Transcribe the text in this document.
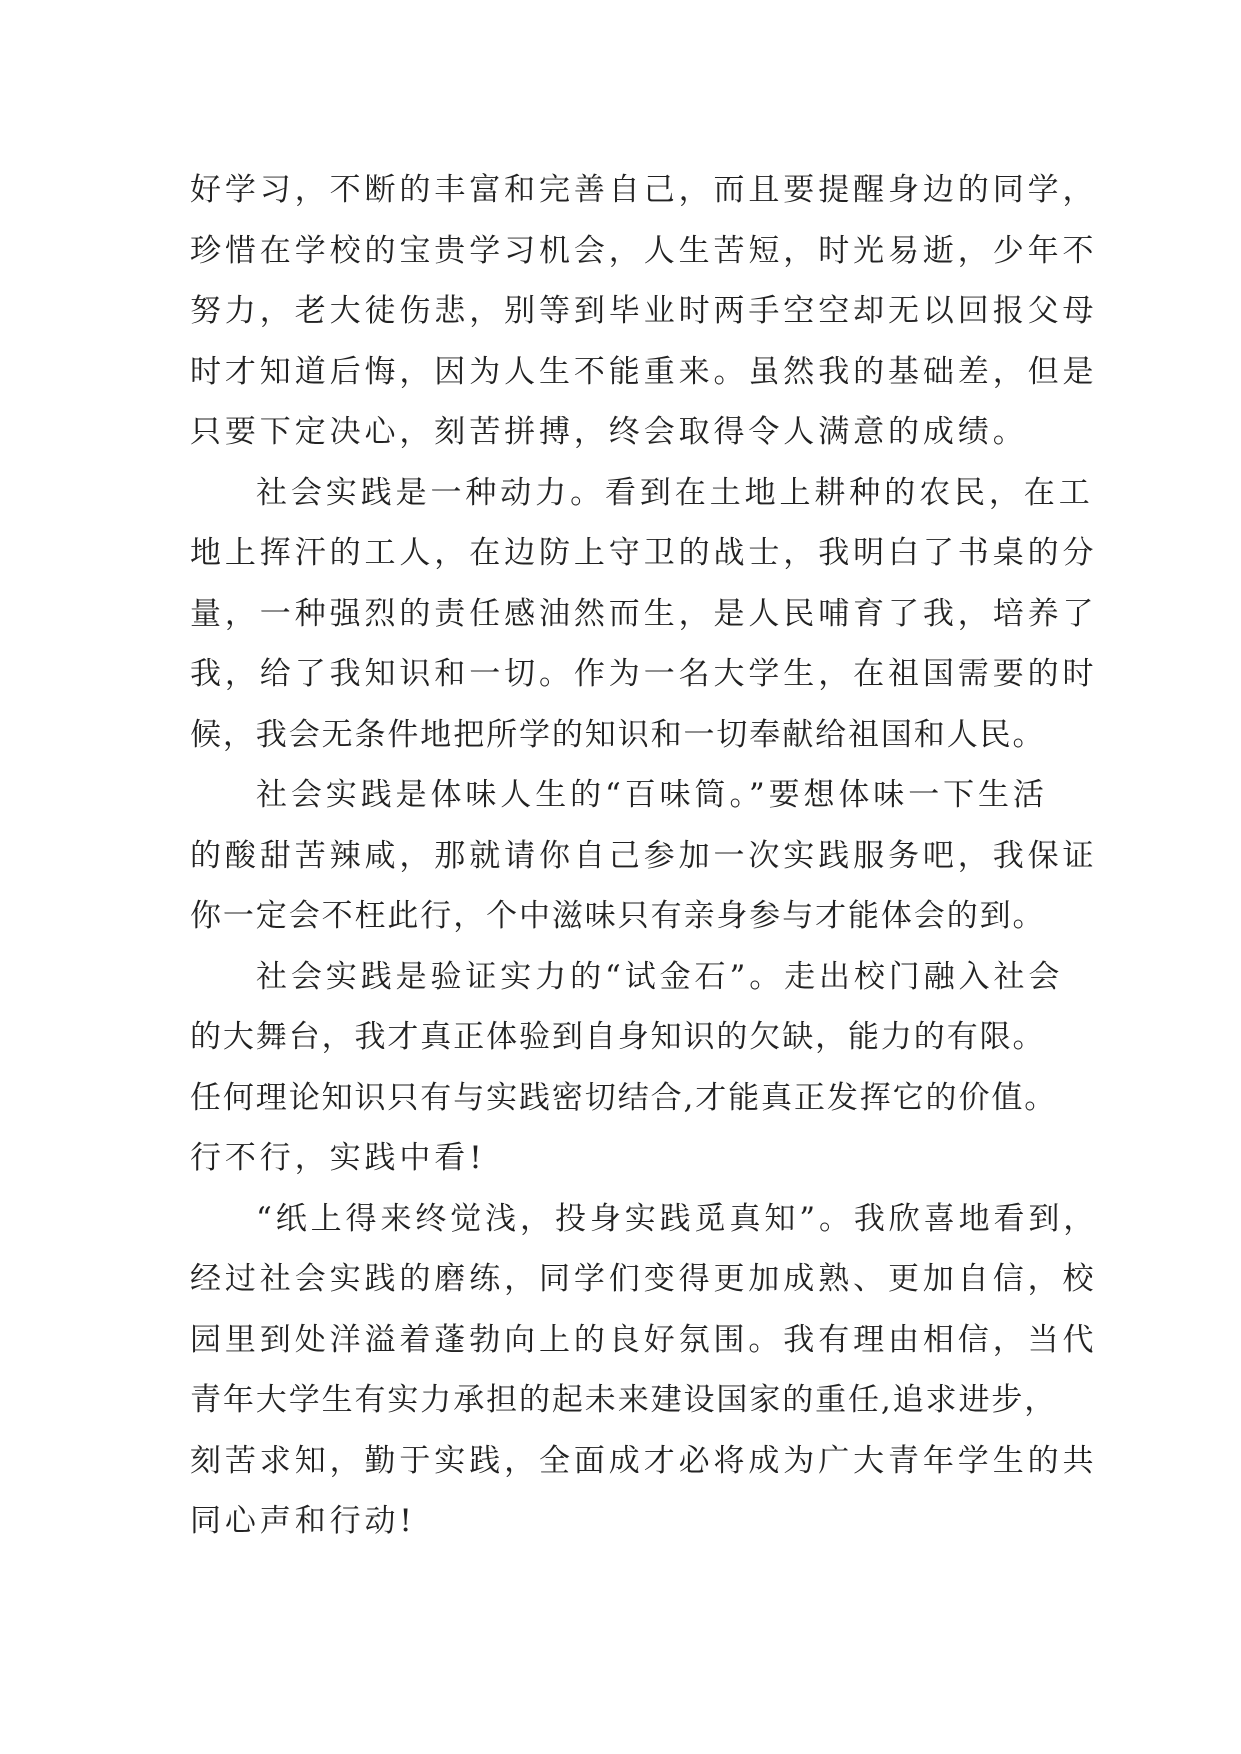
好学习，不断的丰富和完善自己，而且要提醒身边的同学，
珍惜在学校的宝贵学习机会，人生苦短，时光易逝，少年不
努力，老大徒伤悲，别等到毕业时两手空空却无以回报父母
时才知道后悔，因为人生不能重来。虽然我的基础差，但是
只要下定决心，刻苦拼搏，终会取得令人满意的成绩。
社会实践是一种动力。看到在土地上耕种的农民，在工
地上挥汗的工人，在边防上守卫的战士，我明白了书桌的分
量，一种强烈的责任感油然而生，是人民哺育了我，培养了
我，给了我知识和一切。作为一名大学生，在祖国需要的时
候，我会无条件地把所学的知识和一切奉献给祖国和人民。
社会实践是体味人生的“百味筒。”要想体味一下生活
的酸甜苦辣咸，那就请你自己参加一次实践服务吧，我保证
你一定会不枉此行，个中滋味只有亲身参与才能体会的到。
社会实践是验证实力的“试金石”。走出校门融入社会
的大舞台，我才真正体验到自身知识的欠缺，能力的有限。
任何理论知识只有与实践密切结合,才能真正发挥它的价值。
行不行，实践中看!
“纸上得来终觉浅，投身实践觅真知”。我欣喜地看到，
经过社会实践的磨练，同学们变得更加成熟、更加自信，校
园里到处洋溢着蓬勃向上的良好氛围。我有理由相信，当代
青年大学生有实力承担的起未来建设国家的重任,追求进步，
刻苦求知，勤于实践，全面成才必将成为广大青年学生的共
同心声和行动!
